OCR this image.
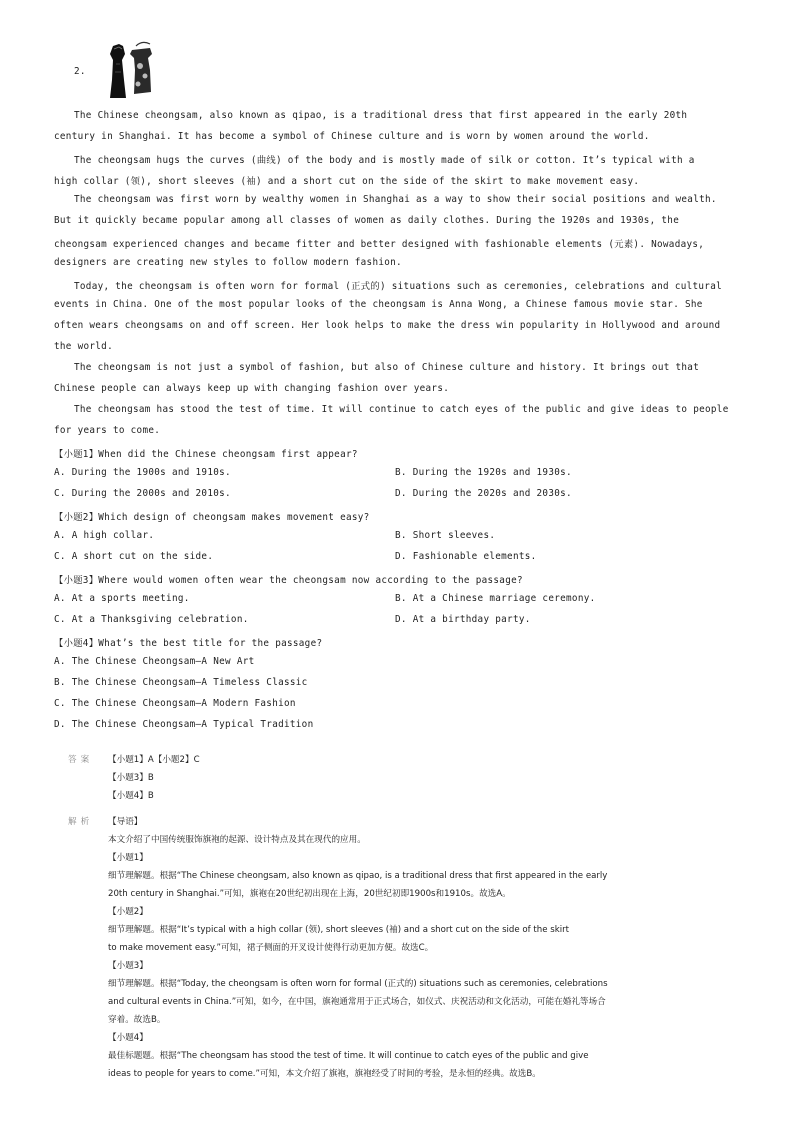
2.
The Chinese cheongsam, also known as qipao, is a traditional dress that first appeared in the early 20th
century in Shanghai. It has become a symbol of Chinese culture and is worn by women around the world.
The cheongsam hugs the curves (曲线) of the body and is mostly made of silk or cotton. It’s typical with a
high collar (领), short sleeves (袖) and a short cut on the side of the skirt to make movement easy.
The cheongsam was first worn by wealthy women in Shanghai as a way to show their social positions and wealth.
But it quickly became popular among all classes of women as daily clothes. During the 1920s and 1930s, the
cheongsam experienced changes and became fitter and better designed with fashionable elements (元素). Nowadays,
designers are creating new styles to follow modern fashion.
Today, the cheongsam is often worn for formal (正式的) situations such as ceremonies, celebrations and cultural
events in China. One of the most popular looks of the cheongsam is Anna Wong, a Chinese famous movie star. She
often wears cheongsams on and off screen. Her look helps to make the dress win popularity in Hollywood and around
the world.
The cheongsam is not just a symbol of fashion, but also of Chinese culture and history. It brings out that
Chinese people can always keep up with changing fashion over years.
The cheongsam has stood the test of time. It will continue to catch eyes of the public and give ideas to people
for years to come.
【小题1】When did the Chinese cheongsam first appear?
A. During the 1900s and 1910s.	B. During the 1920s and 1930s.
C. During the 2000s and 2010s.	D. During the 2020s and 2030s.
【小题2】Which design of cheongsam makes movement easy?
A. A high collar.	B. Short sleeves.
C. A short cut on the side.	D. Fashionable elements.
【小题3】Where would women often wear the cheongsam now according to the passage?
A. At a sports meeting.	B. At a Chinese marriage ceremony.
C. At a Thanksgiving celebration.	D. At a birthday party.
【小题4】What’s the best title for the passage?
A. The Chinese Cheongsam—A New Art
B. The Chinese Cheongsam—A Timeless Classic
C. The Chinese Cheongsam—A Modern Fashion
D. The Chinese Cheongsam—A Typical Tradition
答案 【小题1】A【小题2】C
【小题3】B
【小题4】B
解析 【导语】
本文介绍了中国传统服饰旗袍的起源、设计特点及其在现代的应用。
【小题1】
细节理解题。根据“The Chinese cheongsam, also known as qipao, is a traditional dress that first appeared in the early
20th century in Shanghai.”可知，旗袍在20世纪初出现在上海，20世纪初即1900s和1910s。故选A。
【小题2】
细节理解题。根据“It’s typical with a high collar (领), short sleeves (袖) and a short cut on the side of the skirt
to make movement easy.”可知，裙子侧面的开叉设计使得行动更加方便。故选C。
【小题3】
细节理解题。根据“Today, the cheongsam is often worn for formal (正式的) situations such as ceremonies, celebrations
and cultural events in China.”可知，如今，在中国，旗袍通常用于正式场合，如仪式、庆祝活动和文化活动，可能在婚礼等场合
穿着。故选B。
【小题4】
最佳标题题。根据“The cheongsam has stood the test of time. It will continue to catch eyes of the public and give
ideas to people for years to come.”可知，本文介绍了旗袍，旗袍经受了时间的考验，是永恒的经典。故选B。
